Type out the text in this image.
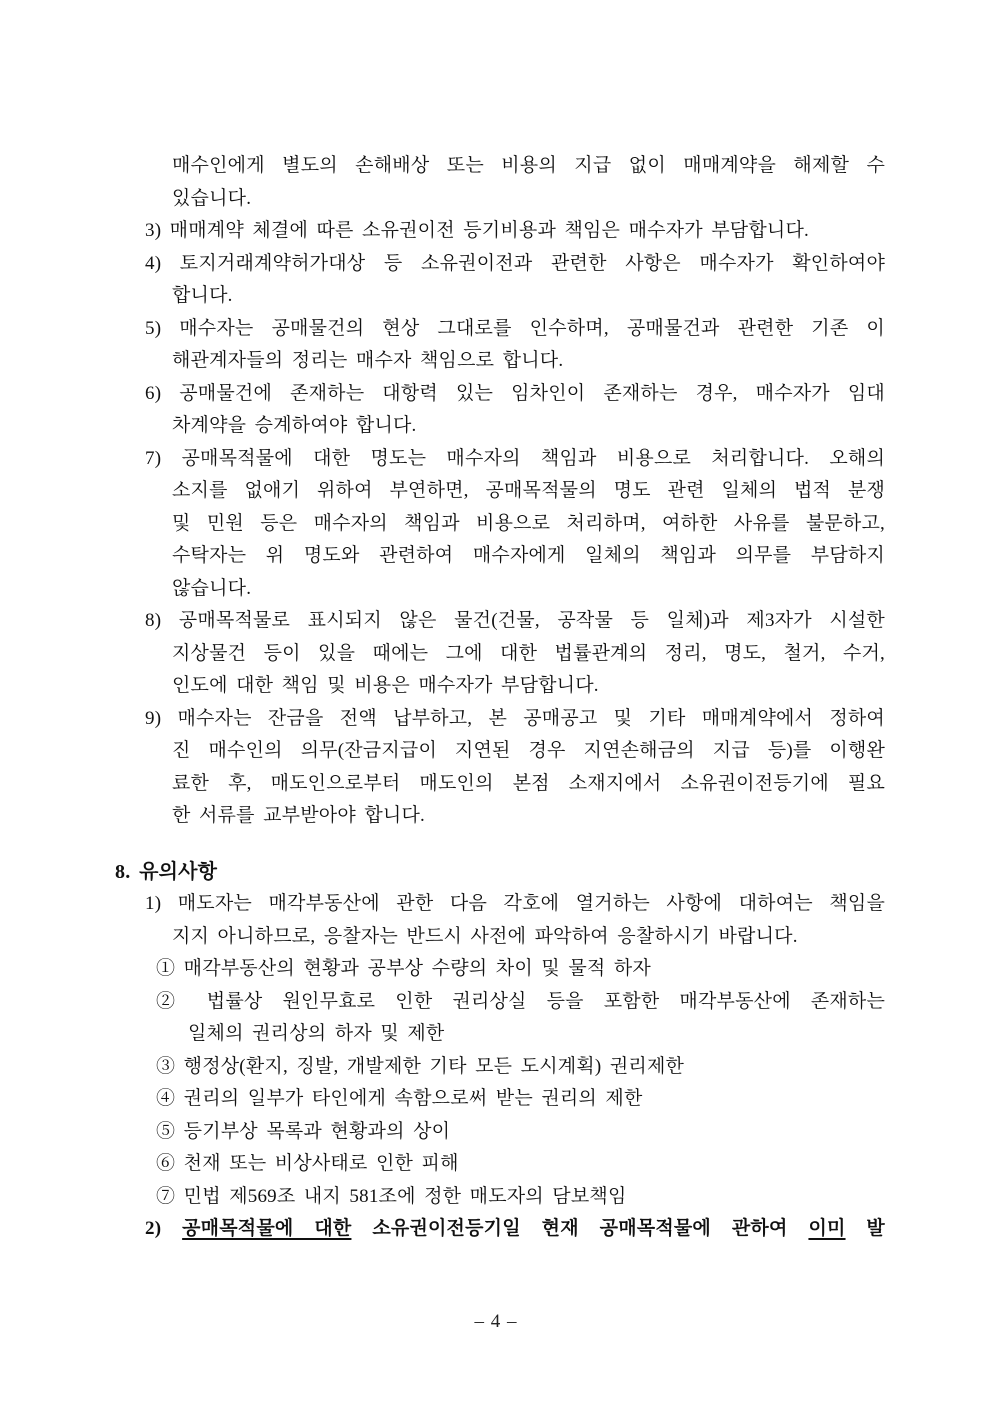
매수인에게 별도의 손해배상 또는 비용의 지급 없이 매매계약을 해제할 수
있습니다.
3) 매매계약 체결에 따른 소유권이전 등기비용과 책임은 매수자가 부담합니다.
4) 토지거래계약허가대상 등 소유권이전과 관련한 사항은 매수자가 확인하여야
합니다.
5) 매수자는 공매물건의 현상 그대로를 인수하며, 공매물건과 관련한 기존 이
해관계자들의 정리는 매수자 책임으로 합니다.
6) 공매물건에 존재하는 대항력 있는 임차인이 존재하는 경우, 매수자가 임대
차계약을 승계하여야 합니다.
7) 공매목적물에 대한 명도는 매수자의 책임과 비용으로 처리합니다. 오해의
소지를 없애기 위하여 부연하면, 공매목적물의 명도 관련 일체의 법적 분쟁
및 민원 등은 매수자의 책임과 비용으로 처리하며, 여하한 사유를 불문하고,
수탁자는 위 명도와 관련하여 매수자에게 일체의 책임과 의무를 부담하지
않습니다.
8) 공매목적물로 표시되지 않은 물건(건물, 공작물 등 일체)과 제3자가 시설한
지상물건 등이 있을 때에는 그에 대한 법률관계의 정리, 명도, 철거, 수거,
인도에 대한 책임 및 비용은 매수자가 부담합니다.
9) 매수자는 잔금을 전액 납부하고, 본 공매공고 및 기타 매매계약에서 정하여
진 매수인의 의무(잔금지급이 지연된 경우 지연손해금의 지급 등)를 이행완
료한 후, 매도인으로부터 매도인의 본점 소재지에서 소유권이전등기에 필요
한 서류를 교부받아야 합니다.
8. 유의사항
1) 매도자는 매각부동산에 관한 다음 각호에 열거하는 사항에 대하여는 책임을
지지 아니하므로, 응찰자는 반드시 사전에 파악하여 응찰하시기 바랍니다.
① 매각부동산의 현황과 공부상 수량의 차이 및 물적 하자
② 법률상 원인무효로 인한 권리상실 등을 포함한 매각부동산에 존재하는
일체의 권리상의 하자 및 제한
③ 행정상(환지, 징발, 개발제한 기타 모든 도시계획) 권리제한
④ 권리의 일부가 타인에게 속함으로써 받는 권리의 제한
⑤ 등기부상 목록과 현황과의 상이
⑥ 천재 또는 비상사태로 인한 피해
⑦ 민법 제569조 내지 581조에 정한 매도자의 담보책임
2) 공매목적물에 대한 소유권이전등기일 현재 공매목적물에 관하여 이미 발
– 4 –
